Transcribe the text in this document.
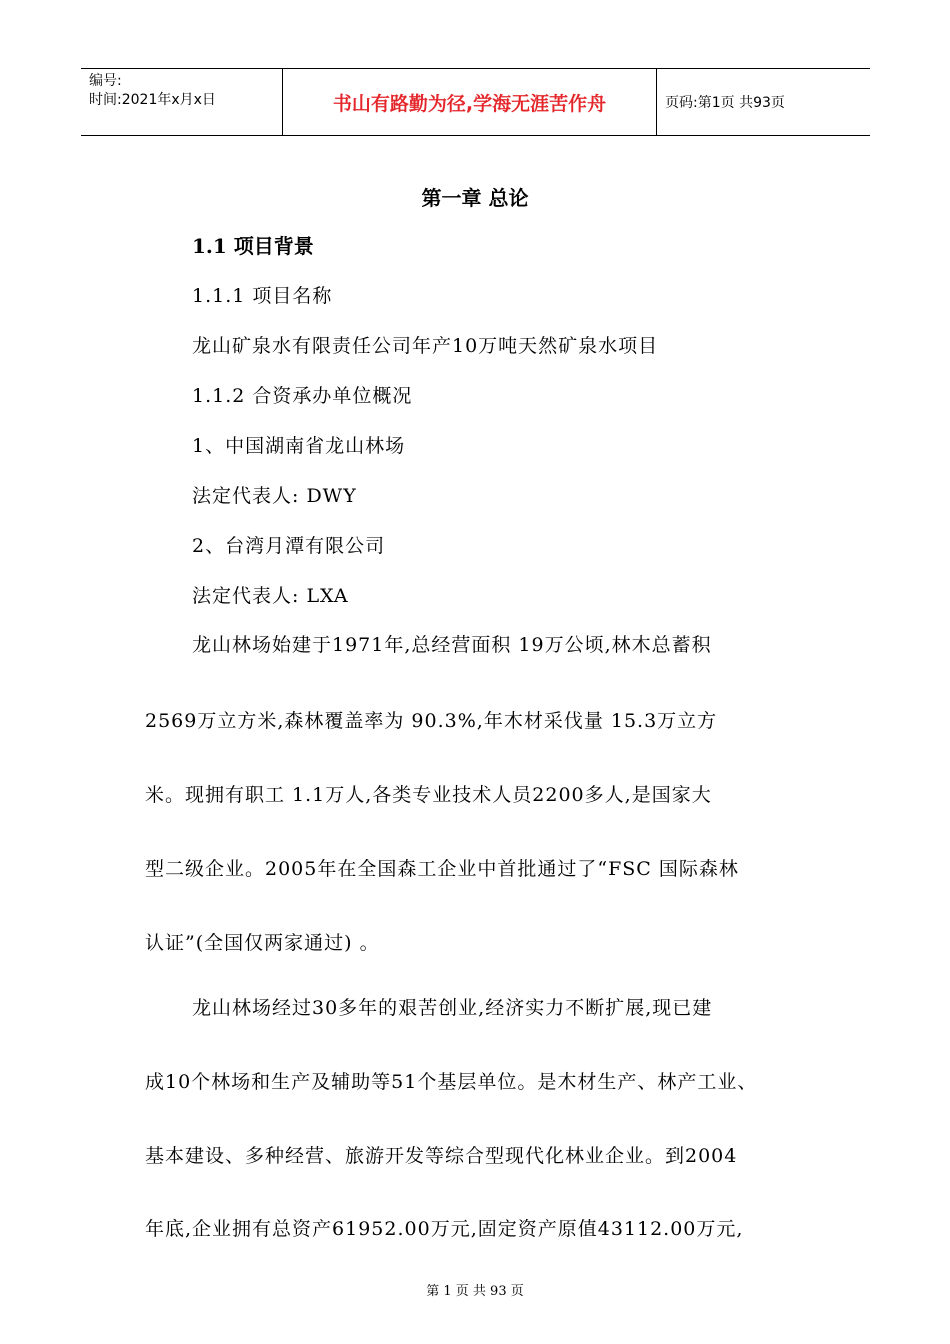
编号:
时间:2021年x月x日	书山有路勤为径,学海无涯苦作舟	页码:第1页 共93页
第一章 总论
1.1 项目背景
1.1.1 项目名称
龙山矿泉水有限责任公司年产10万吨天然矿泉水项目
1.1.2 合资承办单位概况
1、中国湖南省龙山林场
法定代表人: DWY
2、台湾月潭有限公司
法定代表人: LXA
龙山林场始建于1971年,总经营面积 19万公顷,林木总蓄积
2569万立方米,森林覆盖率为 90.3%,年木材采伐量 15.3万立方
米。现拥有职工 1.1万人,各类专业技术人员2200多人,是国家大
型二级企业。2005年在全国森工企业中首批通过了“FSC 国际森林
认证”(全国仅两家通过) 。
龙山林场经过30多年的艰苦创业,经济实力不断扩展,现已建
成10个林场和生产及辅助等51个基层单位。是木材生产、林产工业、
基本建设、多种经营、旅游开发等综合型现代化林业企业。到2004
年底,企业拥有总资产61952.00万元,固定资产原值43112.00万元,
第 1 页 共 93 页
